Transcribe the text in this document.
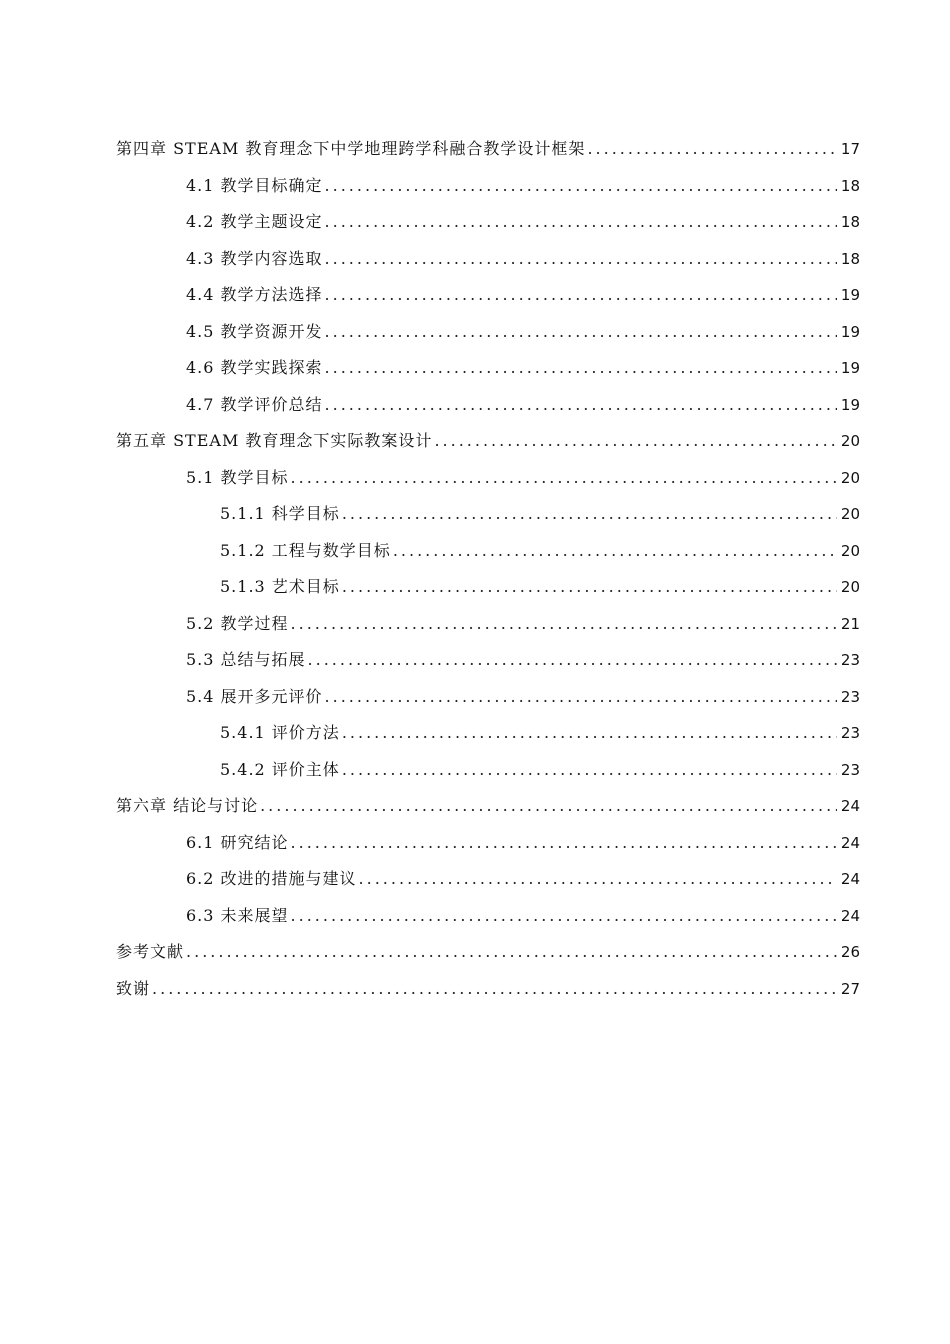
第四章 STEAM 教育理念下中学地理跨学科融合教学设计框架 .....	17
4.1 教学目标确定 .....	18
4.2 教学主题设定 .....	18
4.3 教学内容选取 .....	18
4.4 教学方法选择 .....	19
4.5 教学资源开发 .....	19
4.6 教学实践探索 .....	19
4.7 教学评价总结 .....	19
第五章 STEAM 教育理念下实际教案设计 .....	20
5.1 教学目标 .....	20
5.1.1 科学目标 .....	20
5.1.2 工程与数学目标 .....	20
5.1.3 艺术目标 .....	20
5.2 教学过程 .....	21
5.3 总结与拓展 .....	23
5.4 展开多元评价 .....	23
5.4.1 评价方法 .....	23
5.4.2 评价主体 .....	23
第六章 结论与讨论 .....	24
6.1 研究结论 .....	24
6.2 改进的措施与建议 .....	24
6.3 未来展望 .....	24
参考文献 .....	26
致谢 .....	27
